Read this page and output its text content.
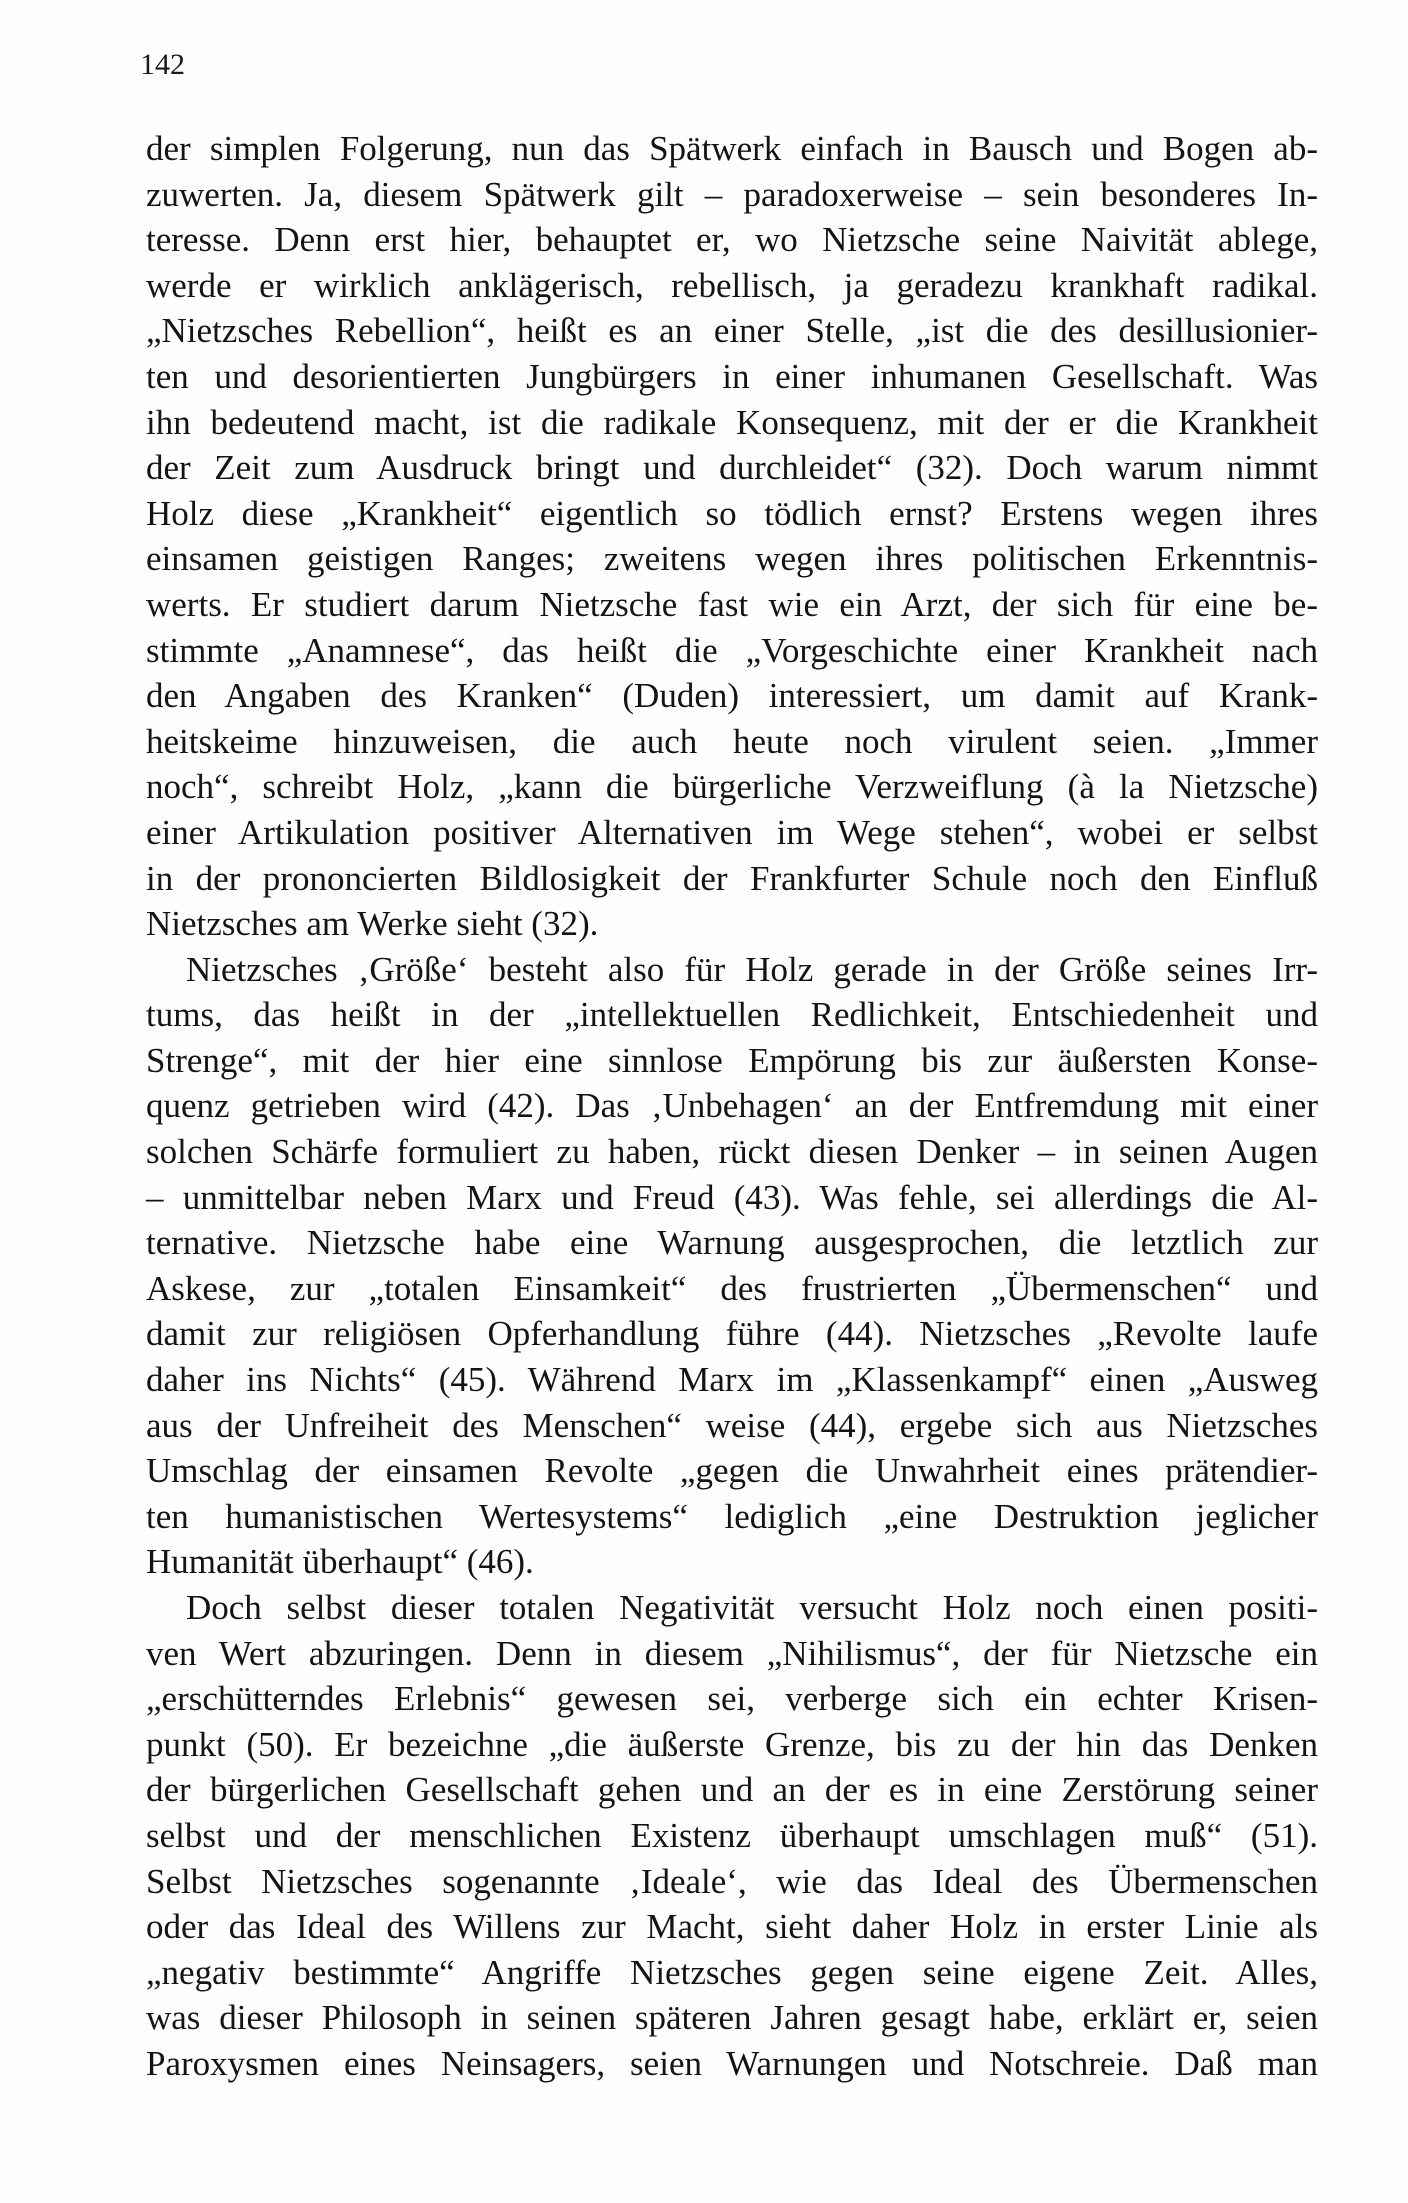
142
der simplen Folgerung, nun das Spätwerk einfach in Bausch und Bogen ab-
zuwerten. Ja, diesem Spätwerk gilt – paradoxerweise – sein besonderes In-
teresse. Denn erst hier, behauptet er, wo Nietzsche seine Naivität ablege,
werde er wirklich anklägerisch, rebellisch, ja geradezu krankhaft radikal.
„Nietzsches Rebellion“, heißt es an einer Stelle, „ist die des desillusionier-
ten und desorientierten Jungbürgers in einer inhumanen Gesellschaft. Was
ihn bedeutend macht, ist die radikale Konsequenz, mit der er die Krankheit
der Zeit zum Ausdruck bringt und durchleidet“ (32). Doch warum nimmt
Holz diese „Krankheit“ eigentlich so tödlich ernst? Erstens wegen ihres
einsamen geistigen Ranges; zweitens wegen ihres politischen Erkenntnis-
werts. Er studiert darum Nietzsche fast wie ein Arzt, der sich für eine be-
stimmte „Anamnese“, das heißt die „Vorgeschichte einer Krankheit nach
den Angaben des Kranken“ (Duden) interessiert, um damit auf Krank-
heitskeime hinzuweisen, die auch heute noch virulent seien. „Immer
noch“, schreibt Holz, „kann die bürgerliche Verzweiflung (à la Nietzsche)
einer Artikulation positiver Alternativen im Wege stehen“, wobei er selbst
in der prononcierten Bildlosigkeit der Frankfurter Schule noch den Einfluß
Nietzsches am Werke sieht (32).
Nietzsches ‚Größe‘ besteht also für Holz gerade in der Größe seines Irr-
tums, das heißt in der „intellektuellen Redlichkeit, Entschiedenheit und
Strenge“, mit der hier eine sinnlose Empörung bis zur äußersten Konse-
quenz getrieben wird (42). Das ‚Unbehagen‘ an der Entfremdung mit einer
solchen Schärfe formuliert zu haben, rückt diesen Denker – in seinen Augen
– unmittelbar neben Marx und Freud (43). Was fehle, sei allerdings die Al-
ternative. Nietzsche habe eine Warnung ausgesprochen, die letztlich zur
Askese, zur „totalen Einsamkeit“ des frustrierten „Übermenschen“ und
damit zur religiösen Opferhandlung führe (44). Nietzsches „Revolte laufe
daher ins Nichts“ (45). Während Marx im „Klassenkampf“ einen „Ausweg
aus der Unfreiheit des Menschen“ weise (44), ergebe sich aus Nietzsches
Umschlag der einsamen Revolte „gegen die Unwahrheit eines prätendier-
ten humanistischen Wertesystems“ lediglich „eine Destruktion jeglicher
Humanität überhaupt“ (46).
Doch selbst dieser totalen Negativität versucht Holz noch einen positi-
ven Wert abzuringen. Denn in diesem „Nihilismus“, der für Nietzsche ein
„erschütterndes Erlebnis“ gewesen sei, verberge sich ein echter Krisen-
punkt (50). Er bezeichne „die äußerste Grenze, bis zu der hin das Denken
der bürgerlichen Gesellschaft gehen und an der es in eine Zerstörung seiner
selbst und der menschlichen Existenz überhaupt umschlagen muß“ (51).
Selbst Nietzsches sogenannte ‚Ideale‘, wie das Ideal des Übermenschen
oder das Ideal des Willens zur Macht, sieht daher Holz in erster Linie als
„negativ bestimmte“ Angriffe Nietzsches gegen seine eigene Zeit. Alles,
was dieser Philosoph in seinen späteren Jahren gesagt habe, erklärt er, seien
Paroxysmen eines Neinsagers, seien Warnungen und Notschreie. Daß man
